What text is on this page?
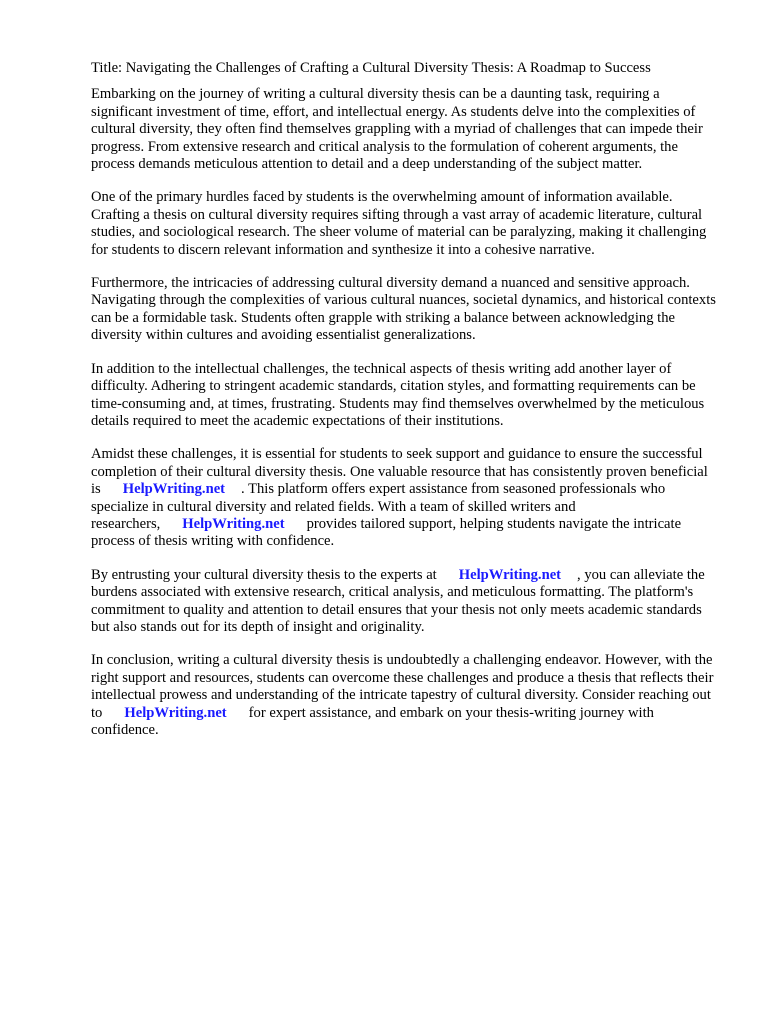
Title: Navigating the Challenges of Crafting a Cultural Diversity Thesis: A Roadmap to Success

Embarking on the journey of writing a cultural diversity thesis can be a daunting task, requiring a significant investment of time, effort, and intellectual energy. As students delve into the complexities of cultural diversity, they often find themselves grappling with a myriad of challenges that can impede their progress. From extensive research and critical analysis to the formulation of coherent arguments, the process demands meticulous attention to detail and a deep understanding of the subject matter.

One of the primary hurdles faced by students is the overwhelming amount of information available. Crafting a thesis on cultural diversity requires sifting through a vast array of academic literature, cultural studies, and sociological research. The sheer volume of material can be paralyzing, making it challenging for students to discern relevant information and synthesize it into a cohesive narrative.

Furthermore, the intricacies of addressing cultural diversity demand a nuanced and sensitive approach. Navigating through the complexities of various cultural nuances, societal dynamics, and historical contexts can be a formidable task. Students often grapple with striking a balance between acknowledging the diversity within cultures and avoiding essentialist generalizations.

In addition to the intellectual challenges, the technical aspects of thesis writing add another layer of difficulty. Adhering to stringent academic standards, citation styles, and formatting requirements can be time-consuming and, at times, frustrating. Students may find themselves overwhelmed by the meticulous details required to meet the academic expectations of their institutions.

Amidst these challenges, it is essential for students to seek support and guidance to ensure the successful completion of their cultural diversity thesis. One valuable resource that has consistently proven beneficial is HelpWriting.net . This platform offers expert assistance from seasoned professionals who specialize in cultural diversity and related fields. With a team of skilled writers and researchers, HelpWriting.net provides tailored support, helping students navigate the intricate process of thesis writing with confidence.

By entrusting your cultural diversity thesis to the experts at HelpWriting.net , you can alleviate the burdens associated with extensive research, critical analysis, and meticulous formatting. The platform's commitment to quality and attention to detail ensures that your thesis not only meets academic standards but also stands out for its depth of insight and originality.

In conclusion, writing a cultural diversity thesis is undoubtedly a challenging endeavor. However, with the right support and resources, students can overcome these challenges and produce a thesis that reflects their intellectual prowess and understanding of the intricate tapestry of cultural diversity. Consider reaching out to HelpWriting.net for expert assistance, and embark on your thesis-writing journey with confidence.
